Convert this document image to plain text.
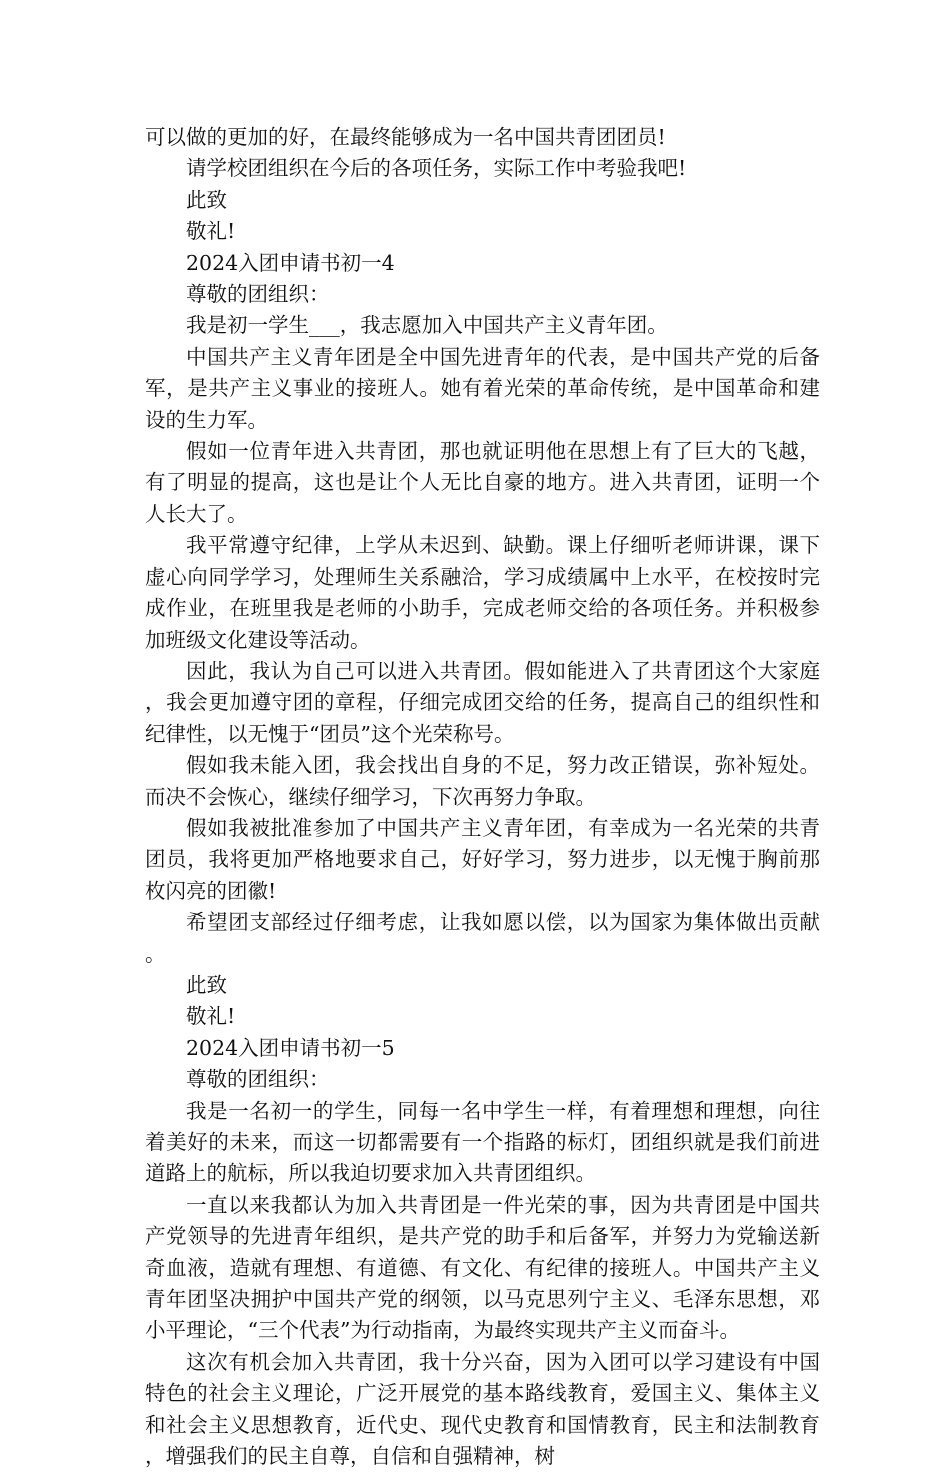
可以做的更加的好，在最终能够成为一名中国共青团团员!

请学校团组织在今后的各项任务，实际工作中考验我吧!

此致

敬礼!

2024入团申请书初一4

尊敬的团组织：

我是初一学生___，我志愿加入中国共产主义青年团。

中国共产主义青年团是全中国先进青年的代表，是中国共产党的后备军，是共产主义事业的接班人。她有着光荣的革命传统，是中国革命和建设的生力军。

假如一位青年进入共青团，那也就证明他在思想上有了巨大的飞越，有了明显的提高，这也是让个人无比自豪的地方。进入共青团，证明一个人长大了。

我平常遵守纪律，上学从未迟到、缺勤。课上仔细听老师讲课，课下虚心向同学学习，处理师生关系融洽，学习成绩属中上水平，在校按时完成作业，在班里我是老师的小助手，完成老师交给的各项任务。并积极参加班级文化建设等活动。

因此，我认为自己可以进入共青团。假如能进入了共青团这个大家庭，我会更加遵守团的章程，仔细完成团交给的任务，提高自己的组织性和纪律性，以无愧于“团员”这个光荣称号。

假如我未能入团，我会找出自身的不足，努力改正错误，弥补短处。而决不会恢心，继续仔细学习，下次再努力争取。

假如我被批准参加了中国共产主义青年团，有幸成为一名光荣的共青团员，我将更加严格地要求自己，好好学习，努力进步，以无愧于胸前那枚闪亮的团徽!

希望团支部经过仔细考虑，让我如愿以偿，以为国家为集体做出贡献。

此致

敬礼!

2024入团申请书初一5

尊敬的团组织：

我是一名初一的学生，同每一名中学生一样，有着理想和理想，向往着美好的未来，而这一切都需要有一个指路的标灯，团组织就是我们前进道路上的航标，所以我迫切要求加入共青团组织。

一直以来我都认为加入共青团是一件光荣的事，因为共青团是中国共产党领导的先进青年组织，是共产党的助手和后备军，并努力为党输送新奇血液，造就有理想、有道德、有文化、有纪律的接班人。中国共产主义青年团坚决拥护中国共产党的纲领，以马克思列宁主义、毛泽东思想，邓小平理论，“三个代表”为行动指南，为最终实现共产主义而奋斗。

这次有机会加入共青团，我十分兴奋，因为入团可以学习建设有中国特色的社会主义理论，广泛开展党的基本路线教育，爱国主义、集体主义和社会主义思想教育，近代史、现代史教育和国情教育，民主和法制教育，增强我们的民主自尊，自信和自强精神，树
